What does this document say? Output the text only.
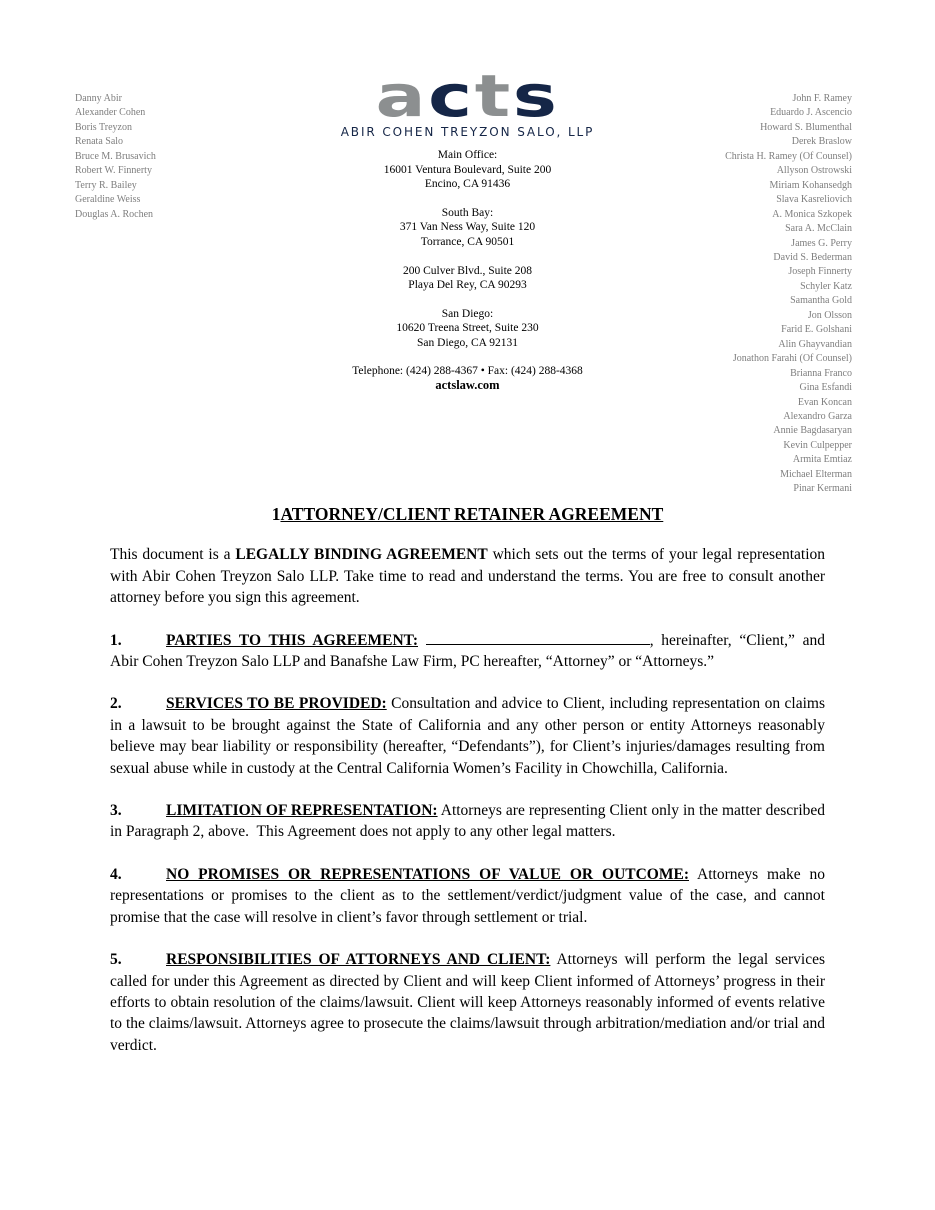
Danny Abir
Alexander Cohen
Boris Treyzon
Renata Salo
Bruce M. Brusavich
Robert W. Finnerty
Terry R. Bailey
Geraldine Weiss
Douglas A. Rochen
acts
ABIR COHEN TREYZON SALO, LLP
Main Office:
16001 Ventura Boulevard, Suite 200
Encino, CA 91436
South Bay:
371 Van Ness Way, Suite 120
Torrance, CA 90501
200 Culver Blvd., Suite 208
Playa Del Rey, CA 90293
San Diego:
10620 Treena Street, Suite 230
San Diego, CA 92131
Telephone: (424) 288-4367 • Fax: (424) 288-4368
actslaw.com
John F. Ramey
Eduardo J. Ascencio
Howard S. Blumenthal
Derek Braslow
Christa H. Ramey (Of Counsel)
Allyson Ostrowski
Miriam Kohansedgh
Slava Kasreliovich
A. Monica Szkopek
Sara A. McClain
James G. Perry
David S. Bederman
Joseph Finnerty
Schyler Katz
Samantha Gold
Jon Olsson
Farid E. Golshani
Alin Ghayvandian
Jonathon Farahi (Of Counsel)
Brianna Franco
Gina Esfandi
Evan Koncan
Alexandro Garza
Annie Bagdasaryan
Kevin Culpepper
Armita Emtiaz
Michael Elterman
Pinar Kermani
1ATTORNEY/CLIENT RETAINER AGREEMENT

This document is a LEGALLY BINDING AGREEMENT which sets out the terms of your legal representation with Abir Cohen Treyzon Salo LLP. Take time to read and understand the terms. You are free to consult another attorney before you sign this agreement.

1.	PARTIES TO THIS AGREEMENT:	, hereinafter, “Client,” and Abir Cohen Treyzon Salo LLP and Banafshe Law Firm, PC hereafter, “Attorney” or “Attorneys.”

2.	SERVICES TO BE PROVIDED: Consultation and advice to Client, including representation on claims in a lawsuit to be brought against the State of California and any other person or entity Attorneys reasonably believe may bear liability or responsibility (hereafter, “Defendants”), for Client’s injuries/damages resulting from sexual abuse while in custody at the Central California Women’s Facility in Chowchilla, California.

3.	LIMITATION OF REPRESENTATION: Attorneys are representing Client only in the matter described in Paragraph 2, above.  This Agreement does not apply to any other legal matters.

4.	NO PROMISES OR REPRESENTATIONS OF VALUE OR OUTCOME: Attorneys make no representations or promises to the client as to the settlement/verdict/judgment value of the case, and cannot promise that the case will resolve in client’s favor through settlement or trial.

5.	RESPONSIBILITIES OF ATTORNEYS AND CLIENT: Attorneys will perform the legal services called for under this Agreement as directed by Client and will keep Client informed of Attorneys’ progress in their efforts to obtain resolution of the claims/lawsuit. Client will keep Attorneys reasonably informed of events relative to the claims/lawsuit. Attorneys agree to prosecute the claims/lawsuit through arbitration/mediation and/or trial and verdict.
